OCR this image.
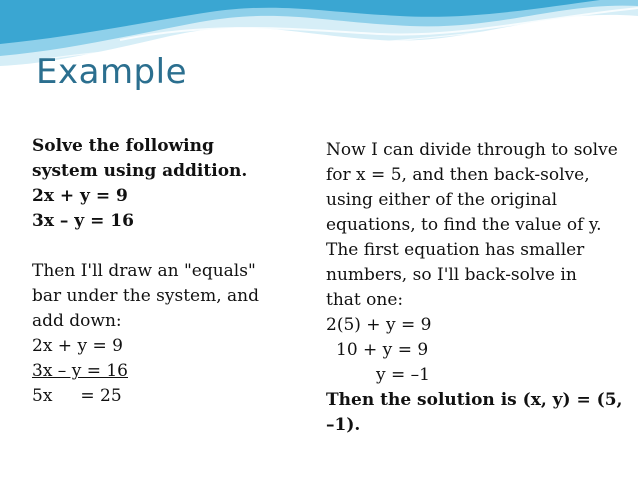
Example
Solve the following
system using addition.
2x + y = 9
3x – y = 16
Then I'll draw an "equals"
bar under the system, and
add down:
2x + y = 9
3x – y = 16
5x = 25
Now I can divide through to solve
for x = 5, and then back-solve,
using either of the original
equations, to find the value of y.
The first equation has smaller
numbers, so I'll back-solve in
that one:
2(5) + y = 9
10 + y = 9
y = –1
Then the solution is (x, y) = (5,
–1).
